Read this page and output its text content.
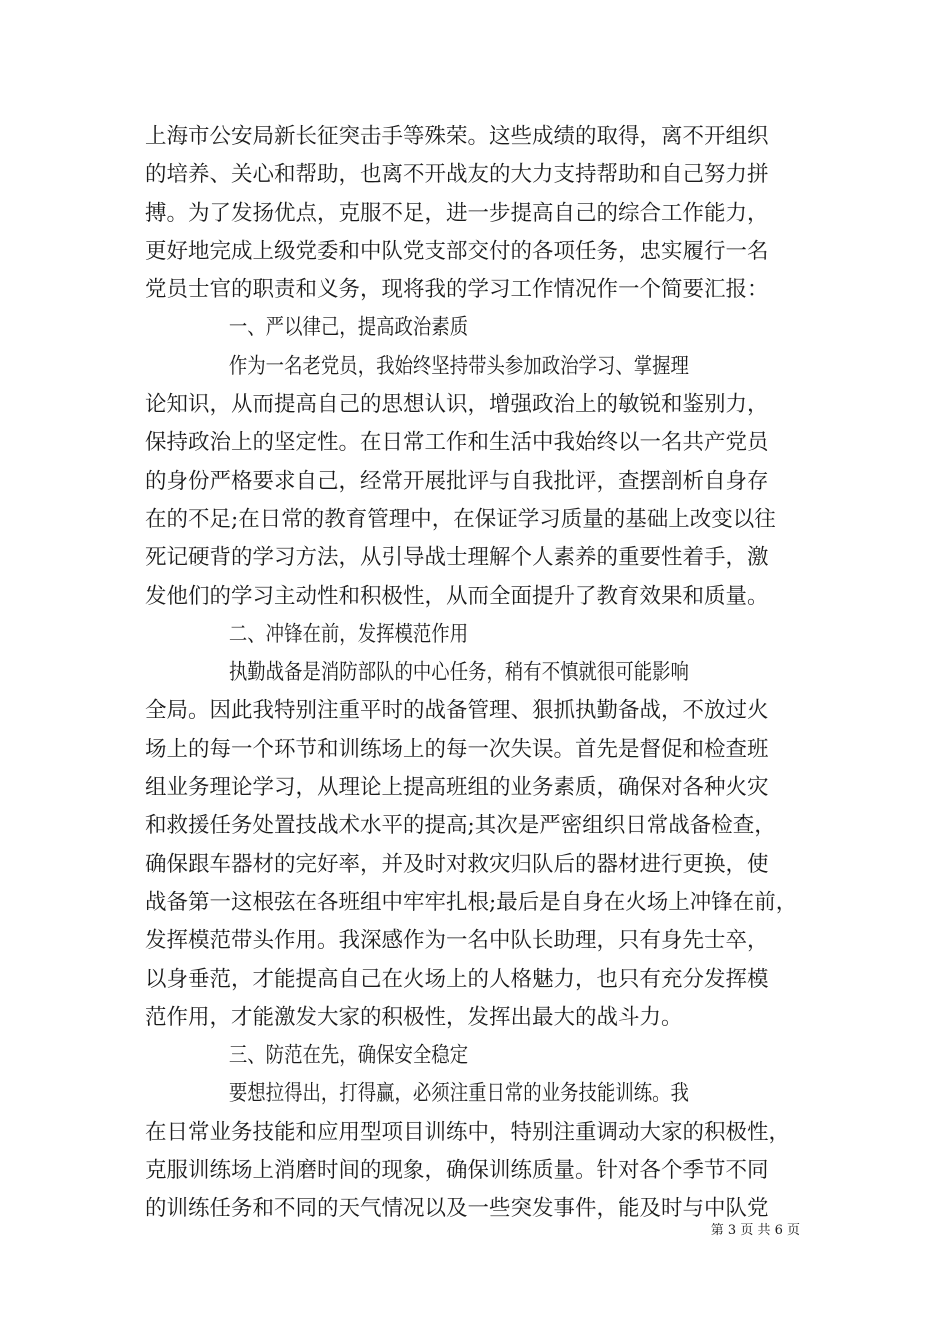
上海市公安局新长征突击手等殊荣。这些成绩的取得，离不开组织
的培养、关心和帮助，也离不开战友的大力支持帮助和自己努力拼
搏。为了发扬优点，克服不足，进一步提高自己的综合工作能力，
更好地完成上级党委和中队党支部交付的各项任务，忠实履行一名
党员士官的职责和义务，现将我的学习工作情况作一个简要汇报：
一、严以律己，提高政治素质
作为一名老党员，我始终坚持带头参加政治学习、掌握理
论知识，从而提高自己的思想认识，增强政治上的敏锐和鉴别力，
保持政治上的坚定性。在日常工作和生活中我始终以一名共产党员
的身份严格要求自己，经常开展批评与自我批评，查摆剖析自身存
在的不足;在日常的教育管理中，在保证学习质量的基础上改变以往
死记硬背的学习方法，从引导战士理解个人素养的重要性着手，激
发他们的学习主动性和积极性，从而全面提升了教育效果和质量。
二、冲锋在前，发挥模范作用
执勤战备是消防部队的中心任务，稍有不慎就很可能影响
全局。因此我特别注重平时的战备管理、狠抓执勤备战，不放过火
场上的每一个环节和训练场上的每一次失误。首先是督促和检查班
组业务理论学习，从理论上提高班组的业务素质，确保对各种火灾
和救援任务处置技战术水平的提高;其次是严密组织日常战备检查，
确保跟车器材的完好率，并及时对救灾归队后的器材进行更换，使
战备第一这根弦在各班组中牢牢扎根;最后是自身在火场上冲锋在前，
发挥模范带头作用。我深感作为一名中队长助理，只有身先士卒，
以身垂范，才能提高自己在火场上的人格魅力，也只有充分发挥模
范作用，才能激发大家的积极性，发挥出最大的战斗力。
三、防范在先，确保安全稳定
要想拉得出，打得赢，必须注重日常的业务技能训练。我
在日常业务技能和应用型项目训练中，特别注重调动大家的积极性，
克服训练场上消磨时间的现象，确保训练质量。针对各个季节不同
的训练任务和不同的天气情况以及一些突发事件，能及时与中队党
第 3 页 共 6 页
